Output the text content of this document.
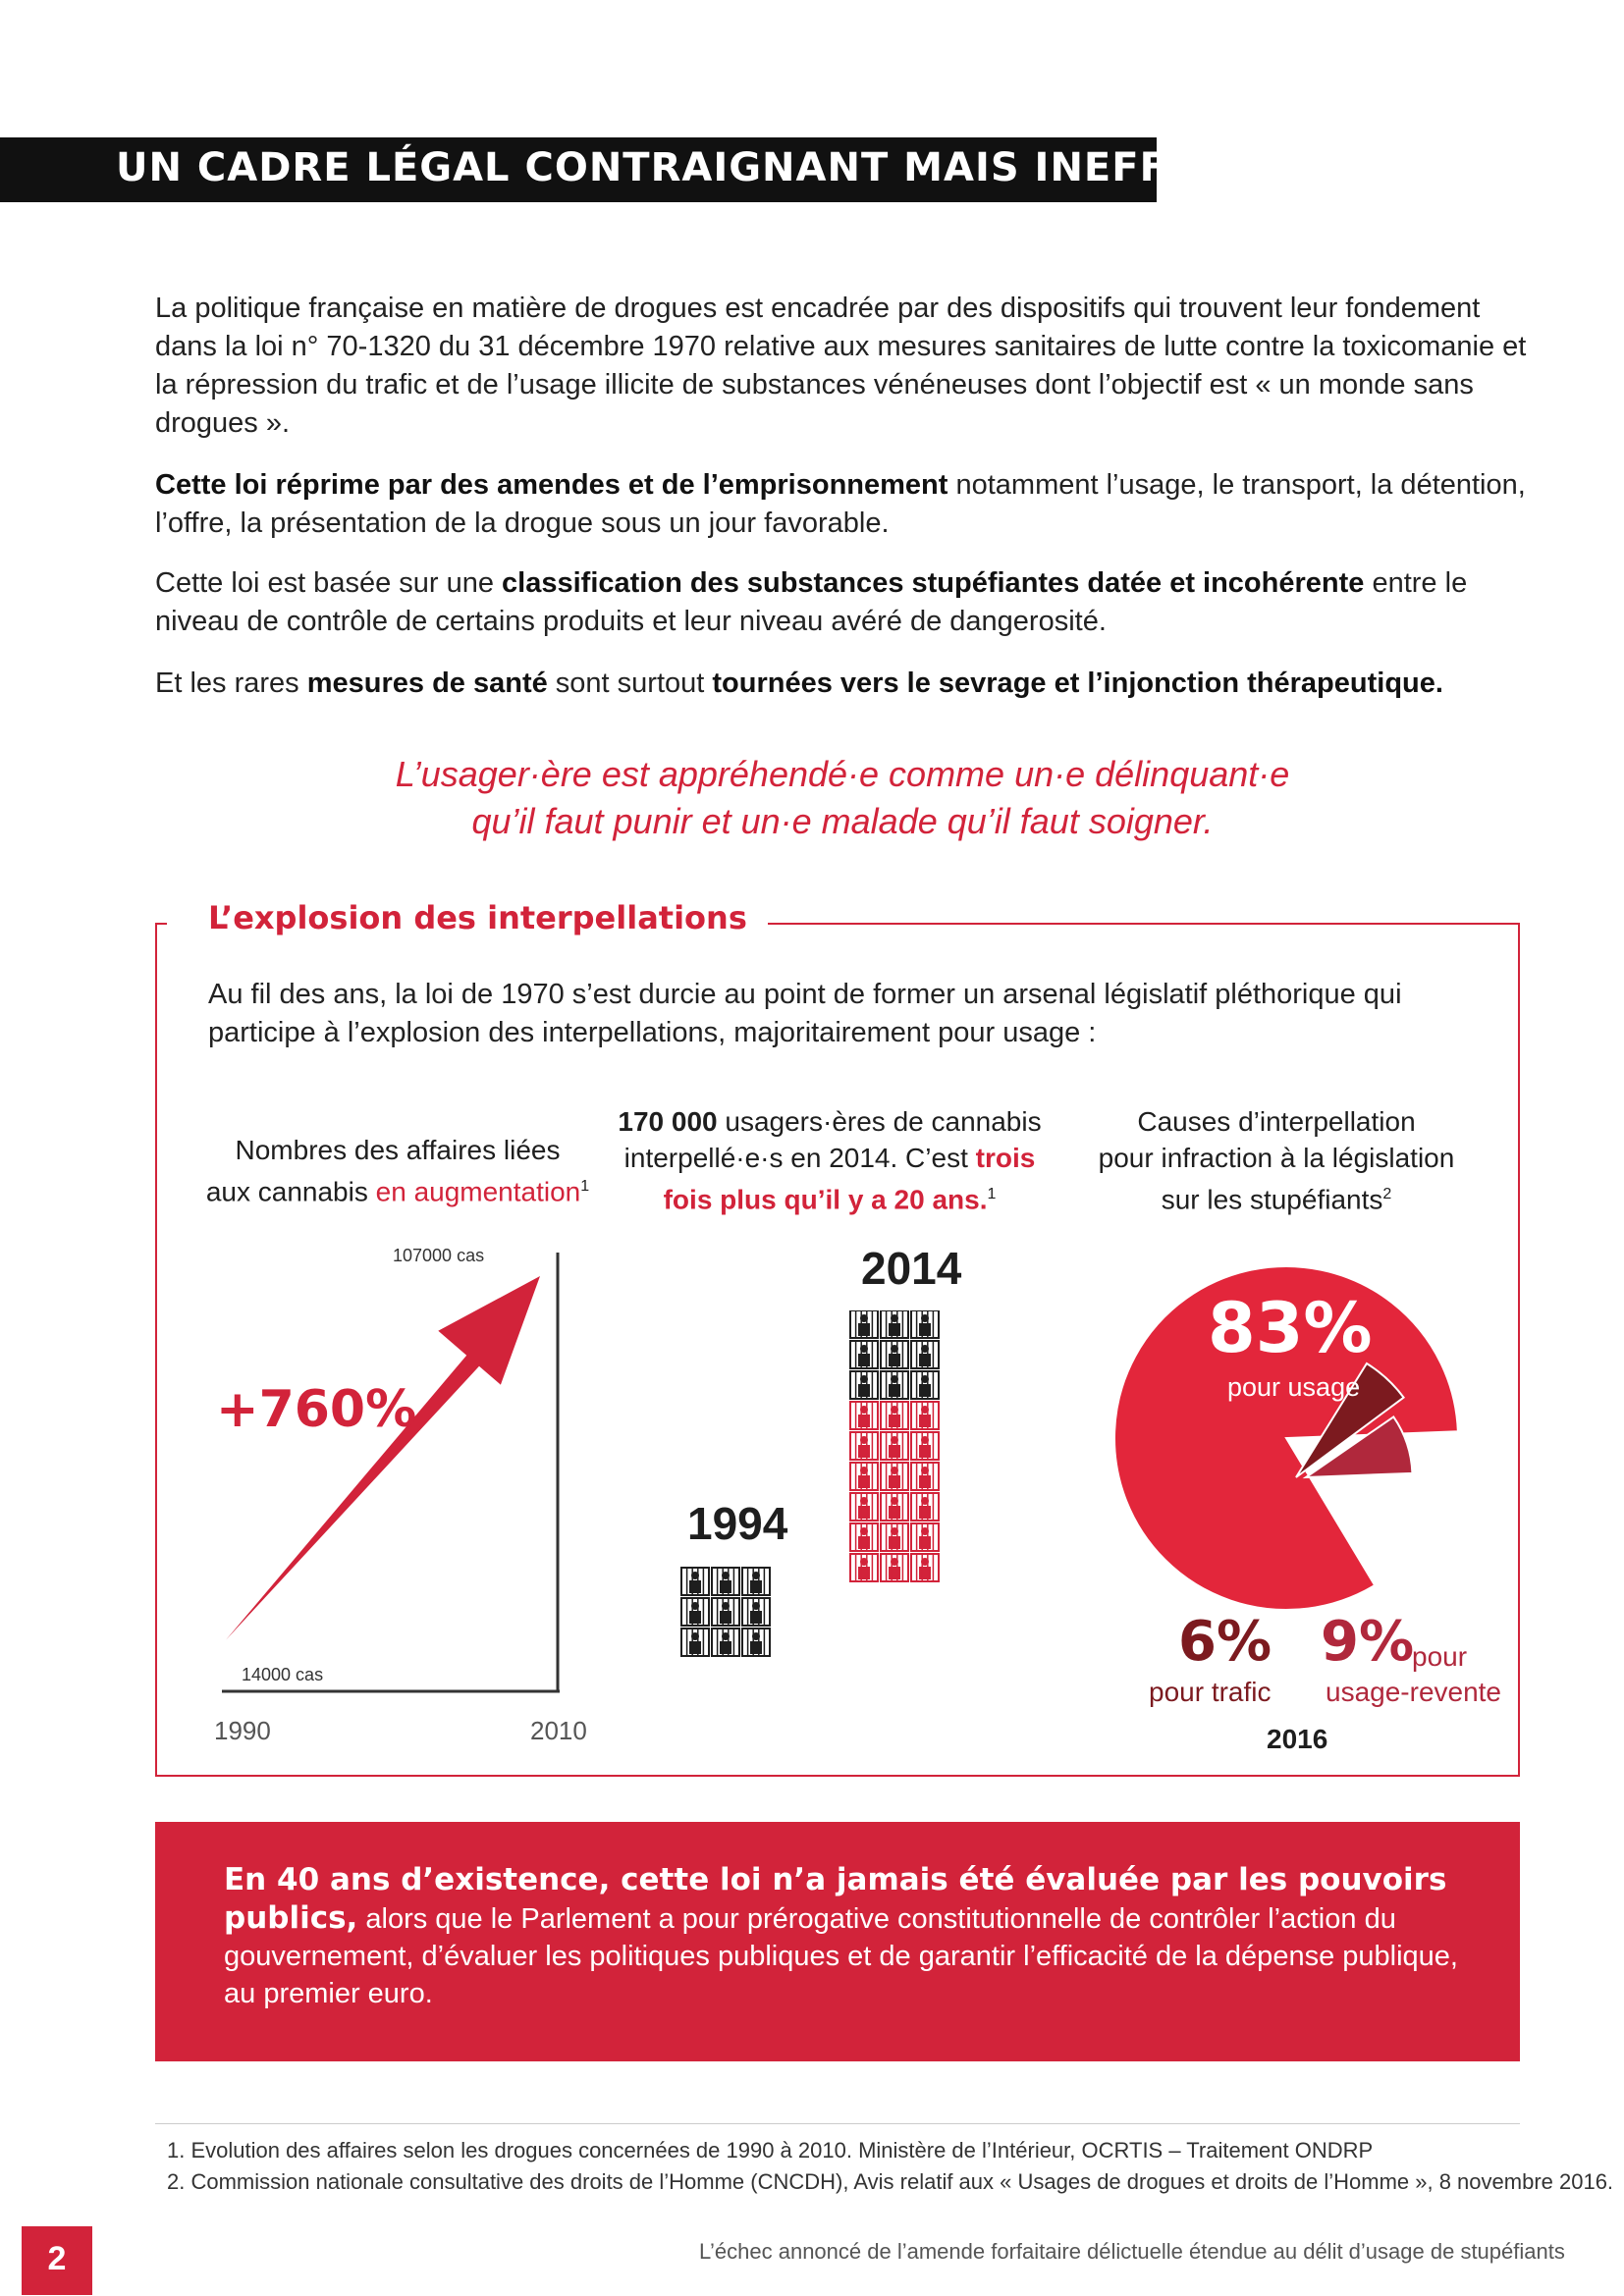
UN CADRE LÉGAL CONTRAIGNANT MAIS INEFFICACE

La politique française en matière de drogues est encadrée par des dispositifs qui trouvent leur fondement dans la loi n° 70-1320 du 31 décembre 1970 relative aux mesures sanitaires de lutte contre la toxicomanie et la répression du trafic et de l’usage illicite de substances vénéneuses dont l’objectif est « un monde sans drogues ».

Cette loi réprime par des amendes et de l’emprisonnement notamment l’usage, le transport, la détention, l’offre, la présentation de la drogue sous un jour favorable.

Cette loi est basée sur une classification des substances stupéfiantes datée et incohérente entre le niveau de contrôle de certains produits et leur niveau avéré de dangerosité.

Et les rares mesures de santé sont surtout tournées vers le sevrage et l’injonction thérapeutique.

L’usager·ère est appréhendé·e comme un·e délinquant·e
qu’il faut punir et un·e malade qu’il faut soigner.
L’explosion des interpellations
Au fil des ans, la loi de 1970 s’est durcie au point de former un arsenal législatif pléthorique qui participe à l’explosion des interpellations, majoritairement pour usage :
Nombres des affaires liées
aux cannabis en augmentation$^1$
107000 cas
14000 cas
+760%
1990	2010
170 000 usagers·ères de cannabis
interpellé·e·s en 2014. C’est trois
fois plus qu’il y a 20 ans.$^1$
1994
2014
Causes d’interpellation
pour infraction à la législation
sur les stupéfiants$^2$
83%
pour usage
6%
pour trafic
9%
pour
usage-revente
2016
En 40 ans d’existence, cette loi n’a jamais été évaluée par les pouvoirs publics, alors que le Parlement a pour prérogative constitutionnelle de contrôler l’action du gouvernement, d’évaluer les politiques publiques et de garantir l’efficacité de la dépense publique, au premier euro.
1. Evolution des affaires selon les drogues concernées de 1990 à 2010. Ministère de l’Intérieur, OCRTIS – Traitement ONDRP
2. Commission nationale consultative des droits de l’Homme (CNCDH), Avis relatif aux « Usages de drogues et droits de l’Homme », 8 novembre 2016.
2	L’échec annoncé de l’amende forfaitaire délictuelle étendue au délit d’usage de stupéfiants
